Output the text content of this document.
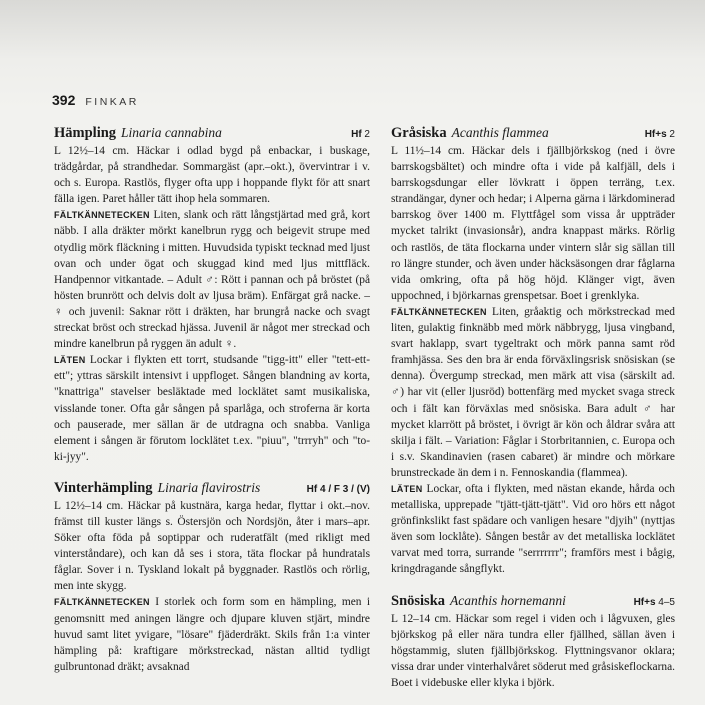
392 FINKAR
Hämpling Linaria cannabina	Hf 2

L 12½–14 cm. Häckar i odlad bygd på enbackar, i buskage, trädgårdar, på strandhedar. Sommargäst (apr.–okt.), övervintrar i v. och s. Europa. Rastlös, flyger ofta upp i hoppande flykt för att snart fälla igen. Paret håller tätt ihop hela sommaren.

FÄLTKÄNNETECKEN Liten, slank och rätt långstjärtad med grå, kort näbb. I alla dräkter mörkt kanelbrun rygg och beigevit strupe med otydlig mörk fläckning i mitten. Huvudsida typiskt tecknad med ljust ovan och under ögat och skuggad kind med ljus mittfläck. Handpennor vitkantade. – Adult ♂: Rött i pannan och på bröstet (på hösten brunrött och delvis dolt av ljusa bräm). Enfärgat grå nacke. – ♀ och juvenil: Saknar rött i dräkten, har brungrå nacke och svagt streckat bröst och streckad hjässa. Juvenil är något mer streckad och mindre kanelbrun på ryggen än adult ♀.

LÄTEN Lockar i flykten ett torrt, studsande "tigg-itt" eller "tett-ett-ett"; yttras särskilt intensivt i uppfloget. Sången blandning av korta, "knattriga" stavelser besläktade med locklätet samt musikaliska, visslande toner. Ofta går sången på sparlåga, och stroferna är korta och pauserade, mer sällan är de utdragna och snabba. Vanliga element i sången är förutom locklätet t.ex. "piuu", "trrryh" och "to-ki-jyy".

Vinterhämpling Linaria flavirostris	Hf 4 / F 3 / (V)

L 12½–14 cm. Häckar på kustnära, karga hedar, flyttar i okt.–nov. främst till kuster längs s. Östersjön och Nordsjön, åter i mars–apr. Söker ofta föda på soptippar och ruderatfält (med rikligt med vinterståndare), och kan då ses i stora, täta flockar på hundratals fåglar. Sover i n. Tyskland lokalt på byggnader. Rastlös och rörlig, men inte skygg.

FÄLTKÄNNETECKEN I storlek och form som en hämpling, men i genomsnitt med aningen längre och djupare kluven stjärt, mindre huvud samt litet yvigare, "lösare" fjäderdräkt. Skils från 1:a vinter hämpling på: kraftigare mörkstreckad, nästan alltid tydligt gulbruntonad dräkt; avsaknad

Gråsiska Acanthis flammea	Hf+s 2

L 11½–14 cm. Häckar dels i fjällbjörkskog (ned i övre barrskogsbältet) och mindre ofta i vide på kalfjäll, dels i barrskogsdungar eller lövkratt i öppen terräng, t.ex. strandängar, dyner och hedar; i Alperna gärna i lärkdominerad barrskog över 1400 m. Flyttfågel som vissa år uppträder mycket talrikt (invasionsår), andra knappast märks. Rörlig och rastlös, de täta flockarna under vintern slår sig sällan till ro längre stunder, och även under häcksäsongen drar fåglarna vida omkring, ofta på hög höjd. Klänger vigt, även uppochned, i björkarnas grenspetsar. Boet i grenklyka.

FÄLTKÄNNETECKEN Liten, gråaktig och mörkstreckad med liten, gulaktig finknäbb med mörk näbbrygg, ljusa vingband, svart haklapp, svart tygeltrakt och mörk panna samt röd framhjässa. Ses den bra är enda förväxlingsrisk snösiskan (se denna). Övergump streckad, men märk att visa (särskilt ad. ♂) har vit (eller ljusröd) bottenfärg med mycket svaga streck och i fält kan förväxlas med snösiska. Bara adult ♂ har mycket klarrött på bröstet, i övrigt är kön och åldrar svåra att skilja i fält. – Variation: Fåglar i Storbritannien, c. Europa och i s.v. Skandinavien (rasen cabaret) är mindre och mörkare brunstreckade än dem i n. Fennoskandia (flammea).

LÄTEN Lockar, ofta i flykten, med nästan ekande, hårda och metalliska, upprepade "tjätt-tjätt-tjätt". Vid oro hörs ett något grönfinkslikt fast spädare och vanligen hesare "djyih" (nyttjas även som locklåte). Sången består av det metalliska locklätet varvat med torra, surrande "serrrrrrr"; framförs mest i bågig, kringdragande sångflykt.

Snösiska Acanthis hornemanni	Hf+s 4–5

L 12–14 cm. Häckar som regel i viden och i lågvuxen, gles björkskog på eller nära tundra eller fjällhed, sällan även i högstammig, sluten fjällbjörkskog. Flyttningsvanor oklara; vissa drar under vinterhalvåret söderut med gråsiskeflockarna. Boet i videbuske eller klyka i björk.
